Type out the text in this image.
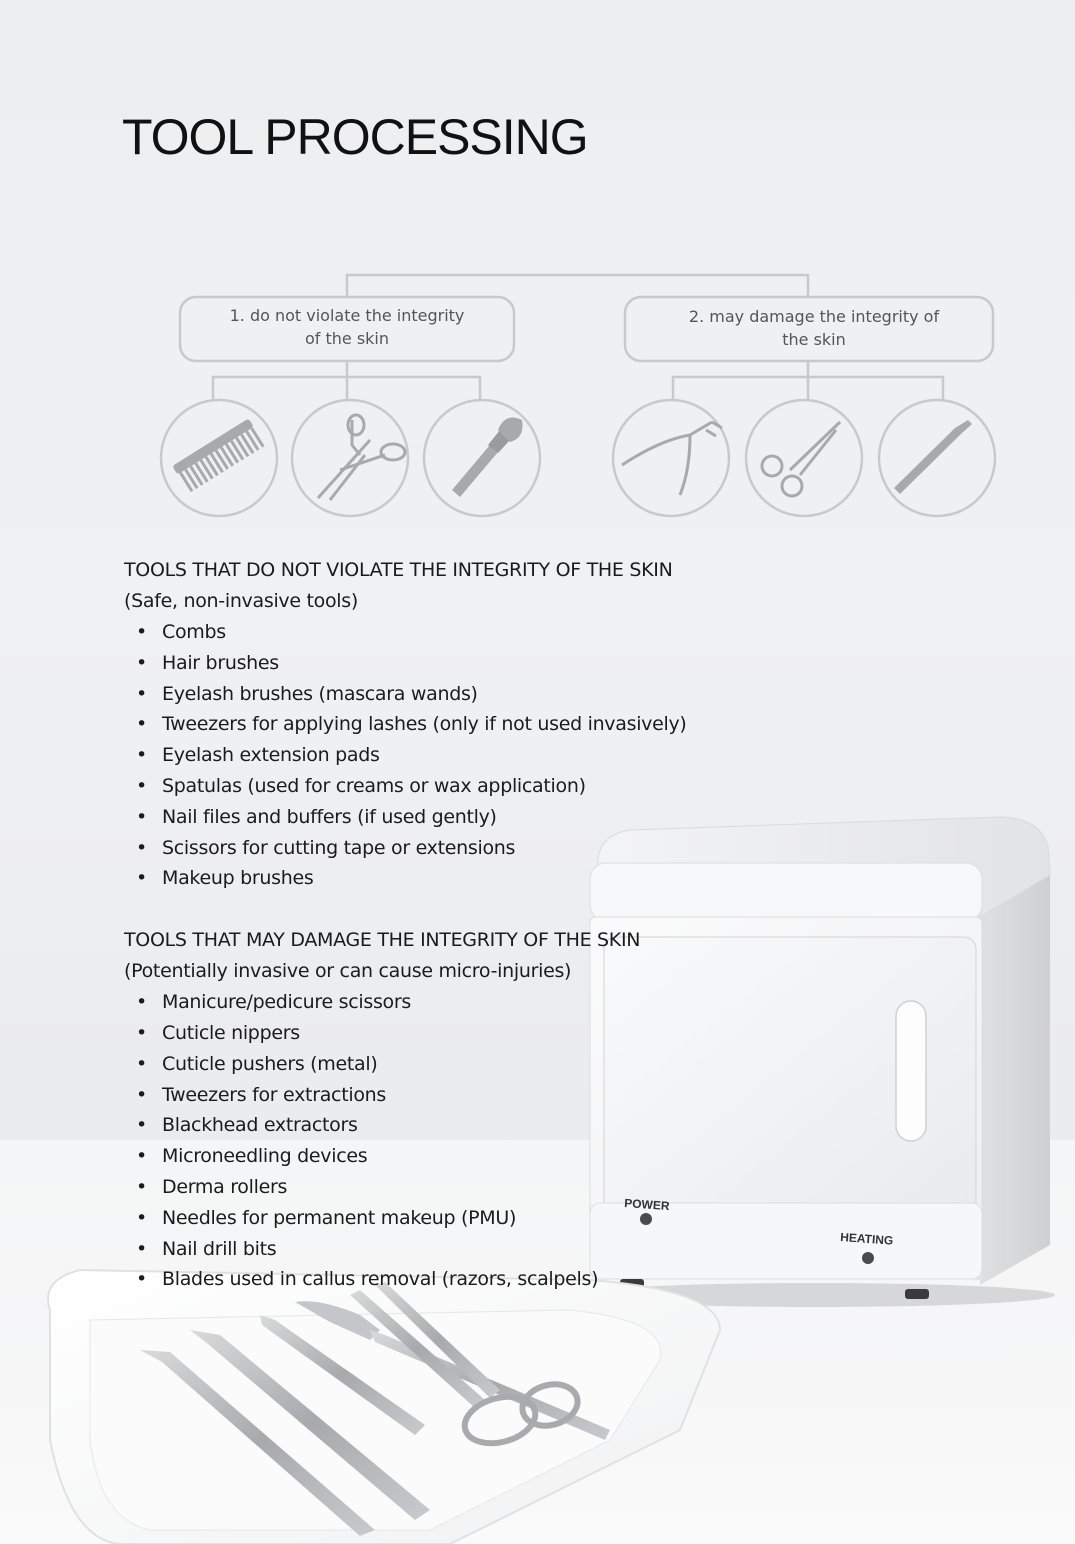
POWER
HEATING
TOOL PROCESSING
1. do not violate the integrity
of the skin
2. may damage the integrity of
the skin

TOOLS THAT DO NOT VIOLATE THE INTEGRITY OF THE SKIN

(Safe, non-invasive tools)

• Combs
• Hair brushes
• Eyelash brushes (mascara wands)
• Tweezers for applying lashes (only if not used invasively)
• Eyelash extension pads
• Spatulas (used for creams or wax application)
• Nail files and buffers (if used gently)
• Scissors for cutting tape or extensions
• Makeup brushes

TOOLS THAT MAY DAMAGE THE INTEGRITY OF THE SKIN

(Potentially invasive or can cause micro-injuries)

• Manicure/pedicure scissors
• Cuticle nippers
• Cuticle pushers (metal)
• Tweezers for extractions
• Blackhead extractors
• Microneedling devices
• Derma rollers
• Needles for permanent makeup (PMU)
• Nail drill bits
• Blades used in callus removal (razors, scalpels)
